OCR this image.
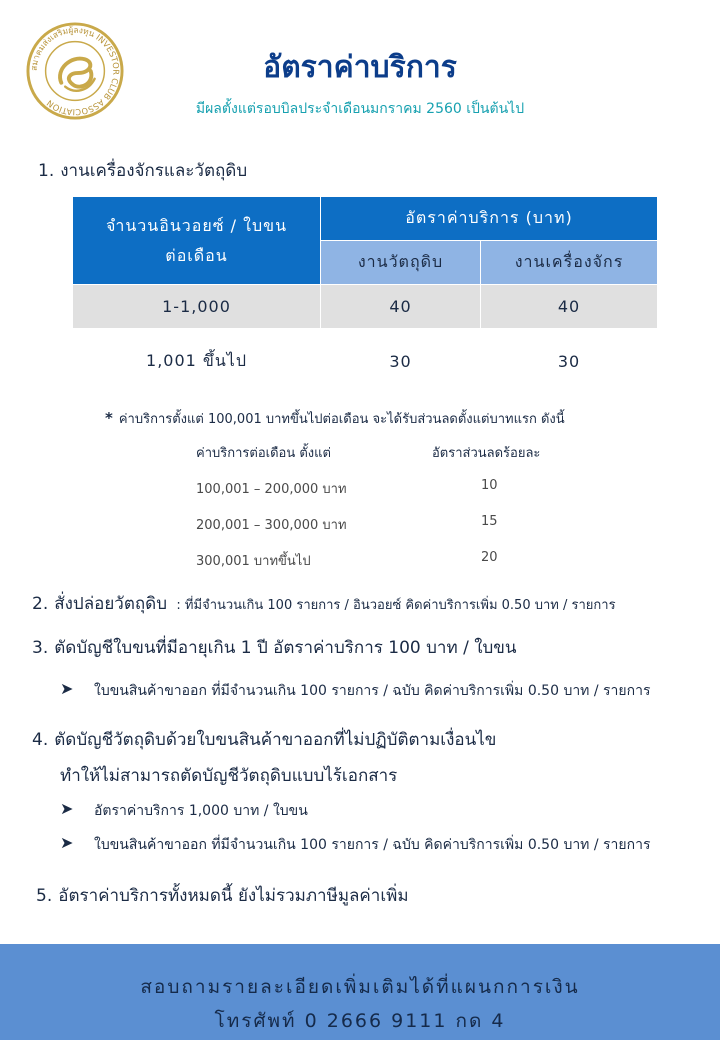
สมาคมส่งเสริมผู้ลงทุน INVESTOR CLUB ASSOCIATION
อัตราค่าบริการ
มีผลตั้งแต่รอบบิลประจำเดือนมกราคม 2560 เป็นต้นไป
1. งานเครื่องจักรและวัตถุดิบ
จำนวนอินวอยซ์ / ใบขน
ต่อเดือน	อัตราค่าบริการ (บาท)	
	งานวัตถุดิบ	งานเครื่องจักร
1-1,000	40	40
1,001 ขึ้นไป	30	30
* ค่าบริการตั้งแต่ 100,001 บาทขึ้นไปต่อเดือน จะได้รับส่วนลดตั้งแต่บาทแรก ดังนี้
ค่าบริการต่อเดือน ตั้งแต่	อัตราส่วนลดร้อยละ
100,001 – 200,000 บาท	10
200,001 – 300,000 บาท	15
300,001 บาทขึ้นไป	20
2. สั่งปล่อยวัตถุดิบ : ที่มีจำนวนเกิน 100 รายการ / อินวอยซ์ คิดค่าบริการเพิ่ม 0.50 บาท / รายการ
3. ตัดบัญชีใบขนที่มีอายุเกิน 1 ปี อัตราค่าบริการ 100 บาท / ใบขน
➤ ใบขนสินค้าขาออก ที่มีจำนวนเกิน 100 รายการ / ฉบับ คิดค่าบริการเพิ่ม 0.50 บาท / รายการ
4. ตัดบัญชีวัตถุดิบด้วยใบขนสินค้าขาออกที่ไม่ปฏิบัติตามเงื่อนไข
ทำให้ไม่สามารถตัดบัญชีวัตถุดิบแบบไร้เอกสาร
➤ อัตราค่าบริการ 1,000 บาท / ใบขน
➤ ใบขนสินค้าขาออก ที่มีจำนวนเกิน 100 รายการ / ฉบับ คิดค่าบริการเพิ่ม 0.50 บาท / รายการ
5. อัตราค่าบริการทั้งหมดนี้ ยังไม่รวมภาษีมูลค่าเพิ่ม
สอบถามรายละเอียดเพิ่มเติมได้ที่แผนกการเงิน
โทรศัพท์ 0 2666 9111 กด 4
